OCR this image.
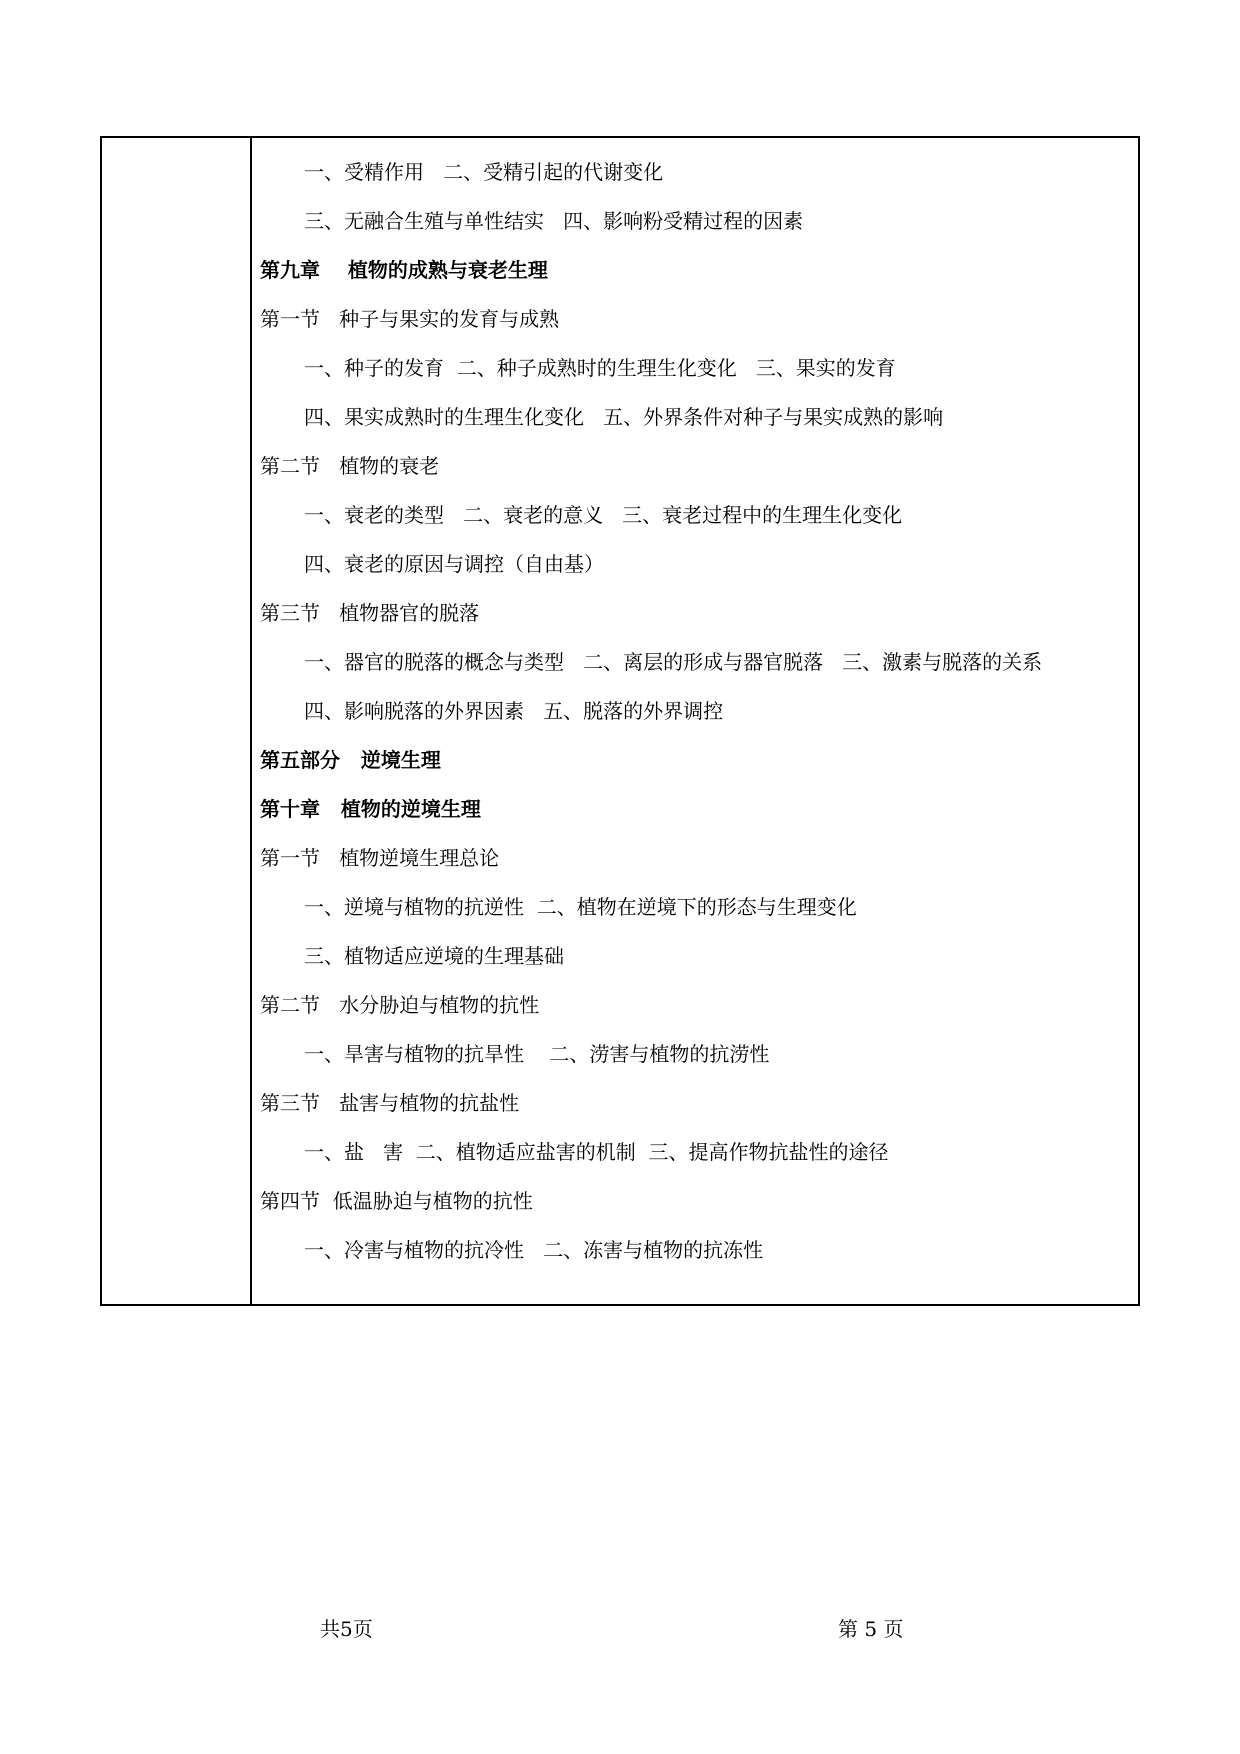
一、受精作用   二、受精引起的代谢变化
三、无融合生殖与单性结实   四、影响粉受精过程的因素
第九章    植物的成熟与衰老生理
第一节   种子与果实的发育与成熟
一、种子的发育  二、种子成熟时的生理生化变化   三、果实的发育
四、果实成熟时的生理生化变化   五、外界条件对种子与果实成熟的影响
第二节   植物的衰老
一、衰老的类型   二、衰老的意义   三、衰老过程中的生理生化变化
四、衰老的原因与调控（自由基）
第三节   植物器官的脱落
一、器官的脱落的概念与类型   二、离层的形成与器官脱落   三、激素与脱落的关系
四、影响脱落的外界因素   五、脱落的外界调控
第五部分   逆境生理
第十章   植物的逆境生理
第一节   植物逆境生理总论
一、逆境与植物的抗逆性  二、植物在逆境下的形态与生理变化
三、植物适应逆境的生理基础
第二节   水分胁迫与植物的抗性
一、旱害与植物的抗旱性    二、涝害与植物的抗涝性
第三节   盐害与植物的抗盐性
一、盐   害  二、植物适应盐害的机制  三、提高作物抗盐性的途径
第四节  低温胁迫与植物的抗性
一、冷害与植物的抗冷性   二、冻害与植物的抗冻性
共5页	第 5 页
